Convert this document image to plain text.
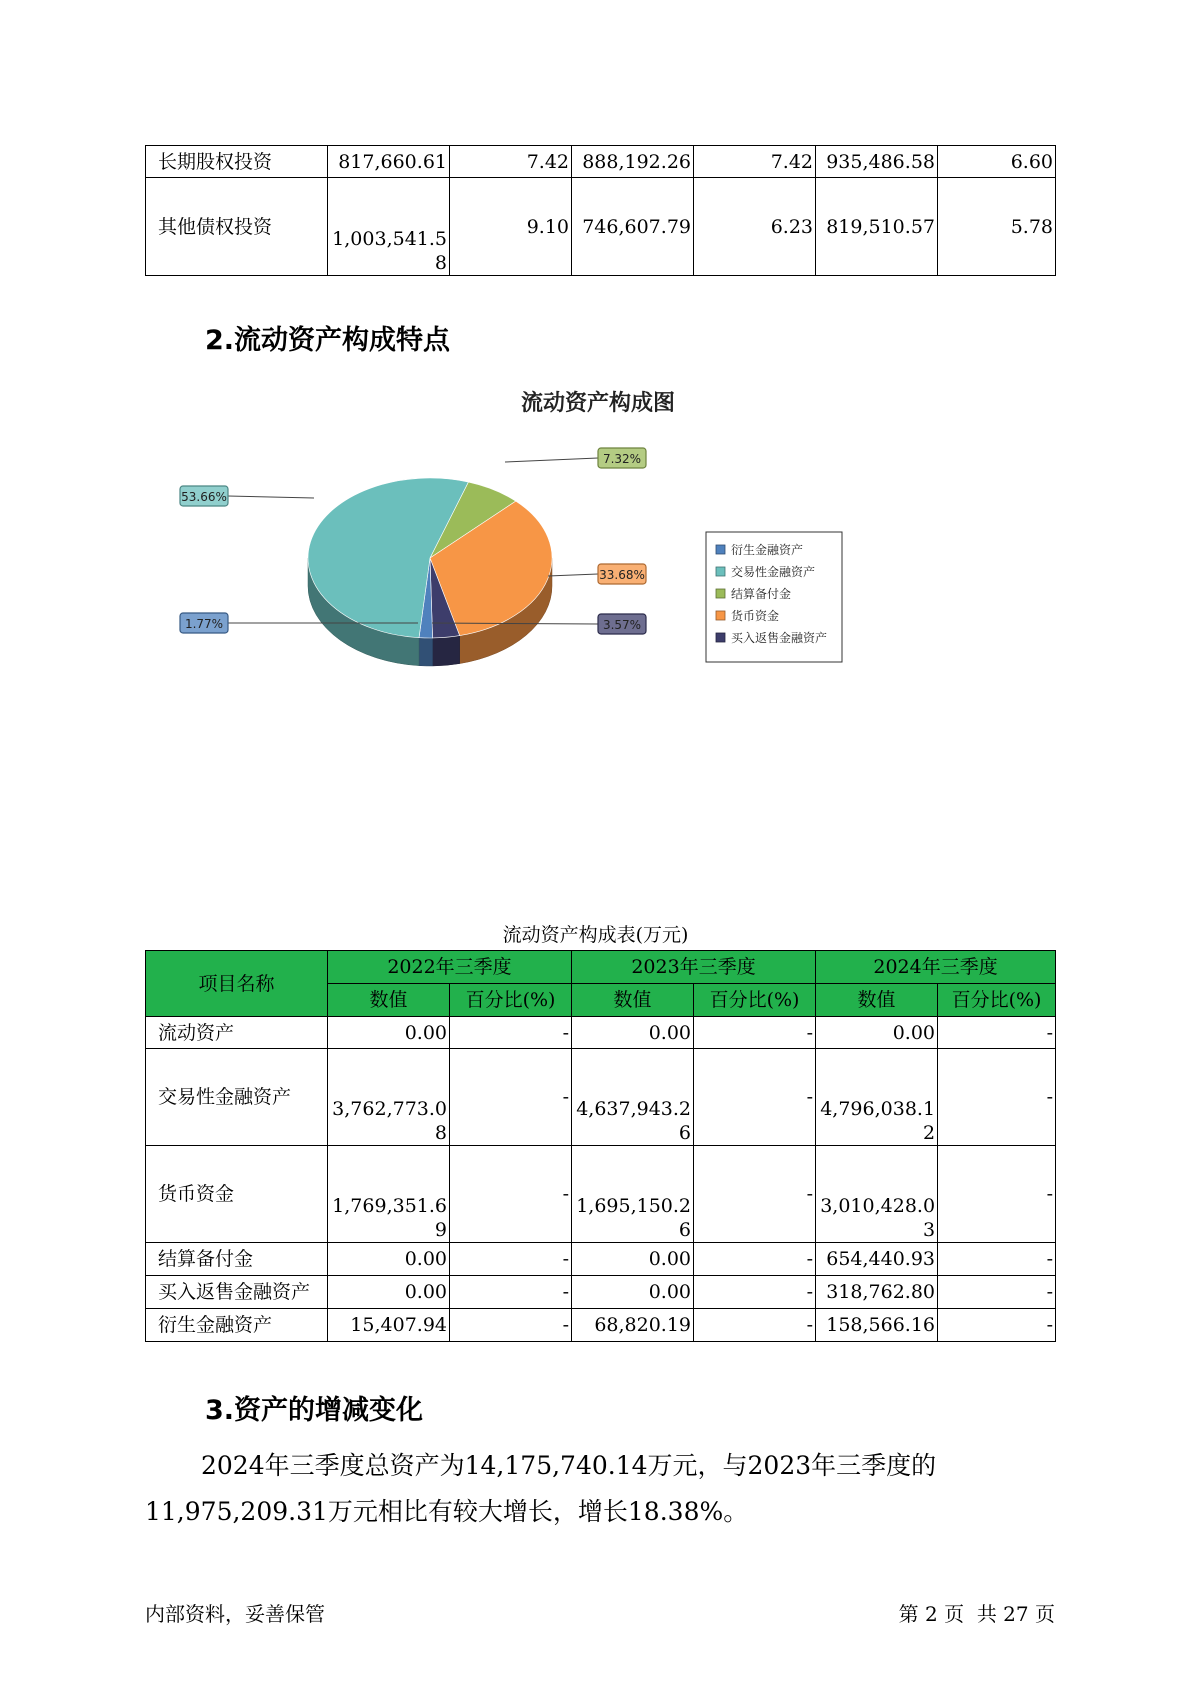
长期股权投资	817,660.61	7.42	888,192.26	7.42	935,486.58	6.60
其他债权投资	1,003,541.58	9.10	746,607.79	6.23	819,510.57	5.78
2.流动资产构成特点
流动资产构成图
1.77%
53.66%
7.32%
33.68%
3.57%
衍生金融资产
交易性金融资产
结算备付金
货币资金
买入返售金融资产
流动资产构成表(万元)
项目名称	2022年三季度		2023年三季度		2024年三季度	
	数值	百分比(%)	数值	百分比(%)	数值	百分比(%)
流动资产	0.00	-	0.00	-	0.00	-
交易性金融资产	3,762,773.08	-	4,637,943.26	-	4,796,038.12	-
货币资金	1,769,351.69	-	1,695,150.26	-	3,010,428.03	-
结算备付金	0.00	-	0.00	-	654,440.93	-
买入返售金融资产	0.00	-	0.00	-	318,762.80	-
衍生金融资产	15,407.94	-	68,820.19	-	158,566.16	-
3.资产的增减变化
2024年三季度总资产为14,175,740.14万元，与2023年三季度的11,975,209.31万元相比有较大增长，增长18.38%。
内部资料，妥善保管	第 2 页  共 27 页
